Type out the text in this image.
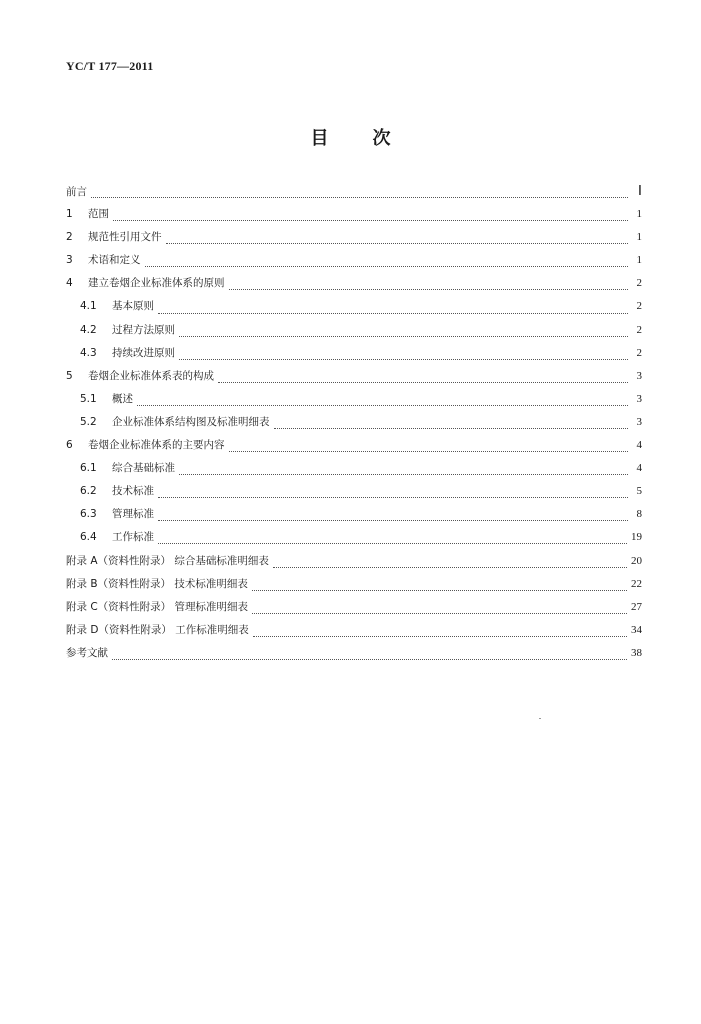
YC/T 177—2011
目 次
前言	Ⅰ
1	范围	1
2	规范性引用文件	1
3	术语和定义	1
4	建立卷烟企业标准体系的原则	2
4.1	基本原则	2
4.2	过程方法原则	2
4.3	持续改进原则	2
5	卷烟企业标准体系表的构成	3
5.1	概述	3
5.2	企业标准体系结构图及标准明细表	3
6	卷烟企业标准体系的主要内容	4
6.1	综合基础标准	4
6.2	技术标准	5
6.3	管理标准	8
6.4	工作标准	19
附录 A（资料性附录） 综合基础标准明细表	20
附录 B（资料性附录） 技术标准明细表	22
附录 C（资料性附录） 管理标准明细表	27
附录 D（资料性附录） 工作标准明细表	34
参考文献	38
